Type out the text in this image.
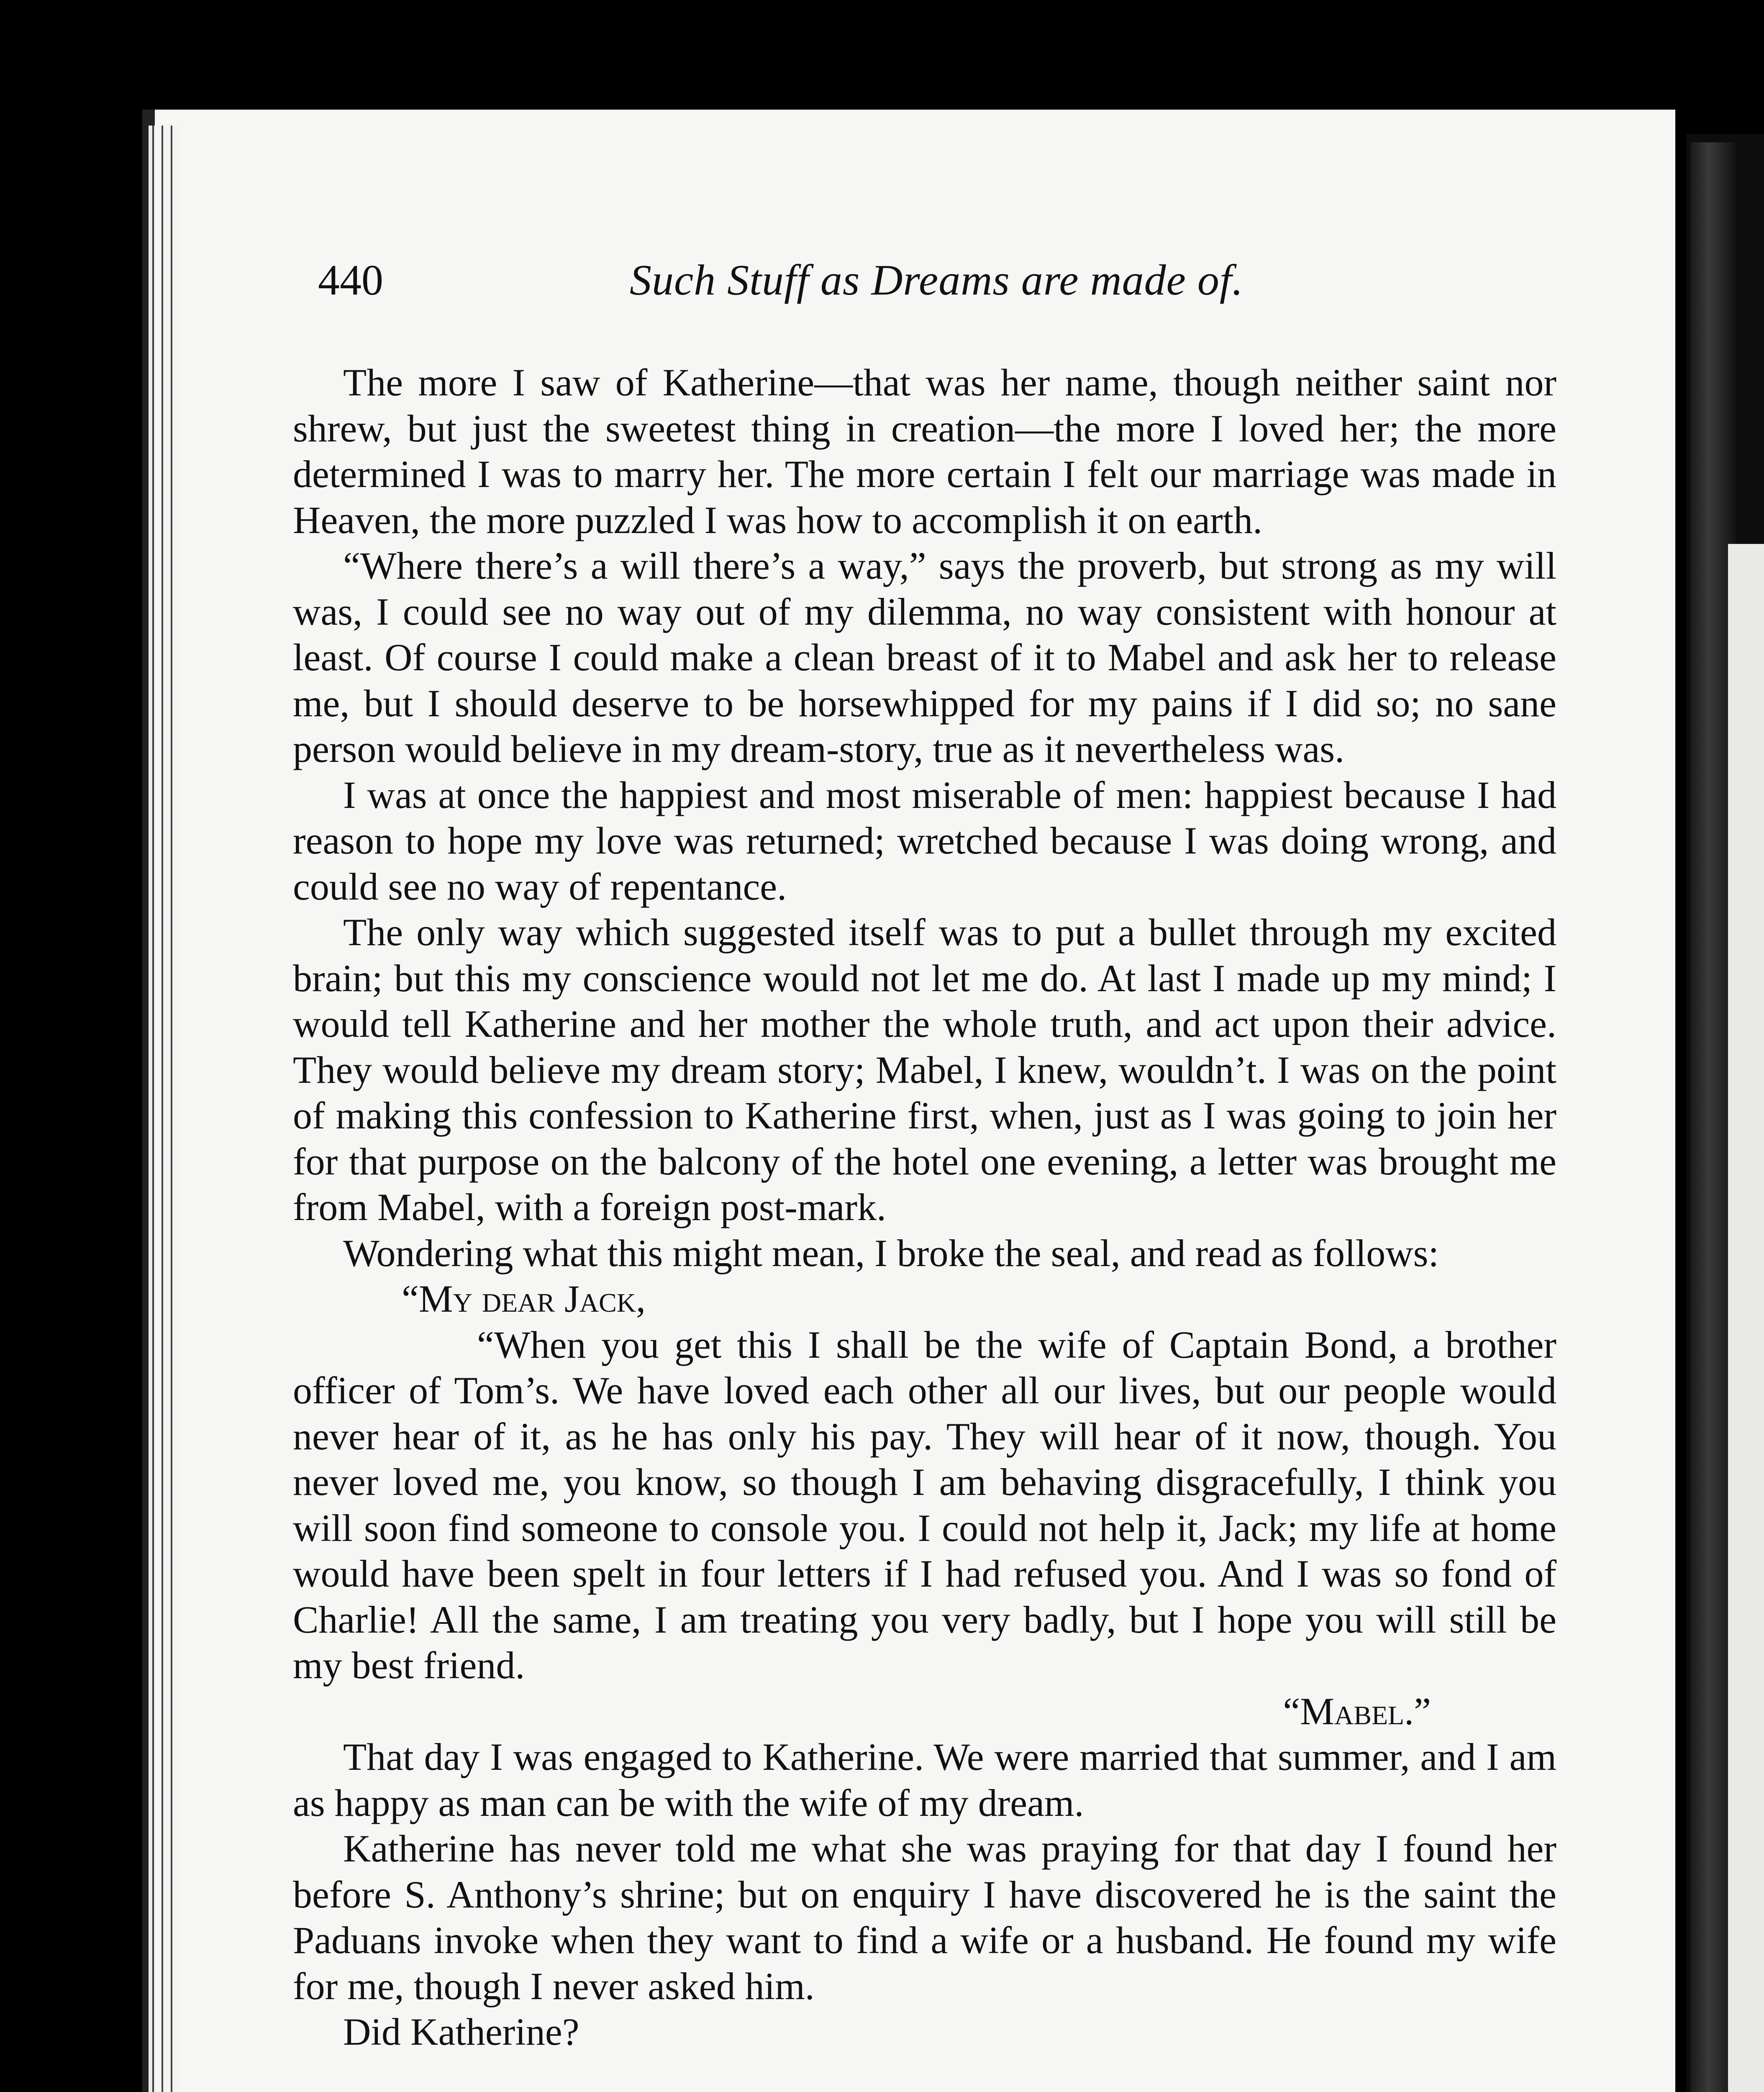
440	Such Stuff as Dreams are made of.

The more I saw of Katherine—that was her name, though neither saint nor shrew, but just the sweetest thing in creation—the more I loved her; the more determined I was to marry her. The more certain I felt our marriage was made in Heaven, the more puzzled I was how to accomplish it on earth.

“Where there’s a will there’s a way,” says the proverb, but strong as my will was, I could see no way out of my dilemma, no way consistent with honour at least. Of course I could make a clean breast of it to Mabel and ask her to release me, but I should deserve to be horsewhipped for my pains if I did so; no sane person would believe in my dream-story, true as it nevertheless was.

I was at once the happiest and most miserable of men: happiest because I had reason to hope my love was returned; wretched because I was doing wrong, and could see no way of repentance.

The only way which suggested itself was to put a bullet through my excited brain; but this my conscience would not let me do. At last I made up my mind; I would tell Katherine and her mother the whole truth, and act upon their advice. They would believe my dream story; Mabel, I knew, wouldn’t. I was on the point of making this confession to Katherine first, when, just as I was going to join her for that purpose on the balcony of the hotel one evening, a letter was brought me from Mabel, with a foreign post-mark.

Wondering what this might mean, I broke the seal, and read as follows:

“My dear Jack,

“When you get this I shall be the wife of Captain Bond, a brother officer of Tom’s. We have loved each other all our lives, but our people would never hear of it, as he has only his pay. They will hear of it now, though. You never loved me, you know, so though I am behaving disgracefully, I think you will soon find someone to console you. I could not help it, Jack; my life at home would have been spelt in four letters if I had refused you. And I was so fond of Charlie! All the same, I am treating you very badly, but I hope you will still be my best friend.

“Mabel.”

That day I was engaged to Katherine. We were married that summer, and I am as happy as man can be with the wife of my dream.

Katherine has never told me what she was praying for that day I found her before S. Anthony’s shrine; but on enquiry I have discovered he is the saint the Paduans invoke when they want to find a wife or a husband. He found my wife for me, though I never asked him.

Did Katherine?
